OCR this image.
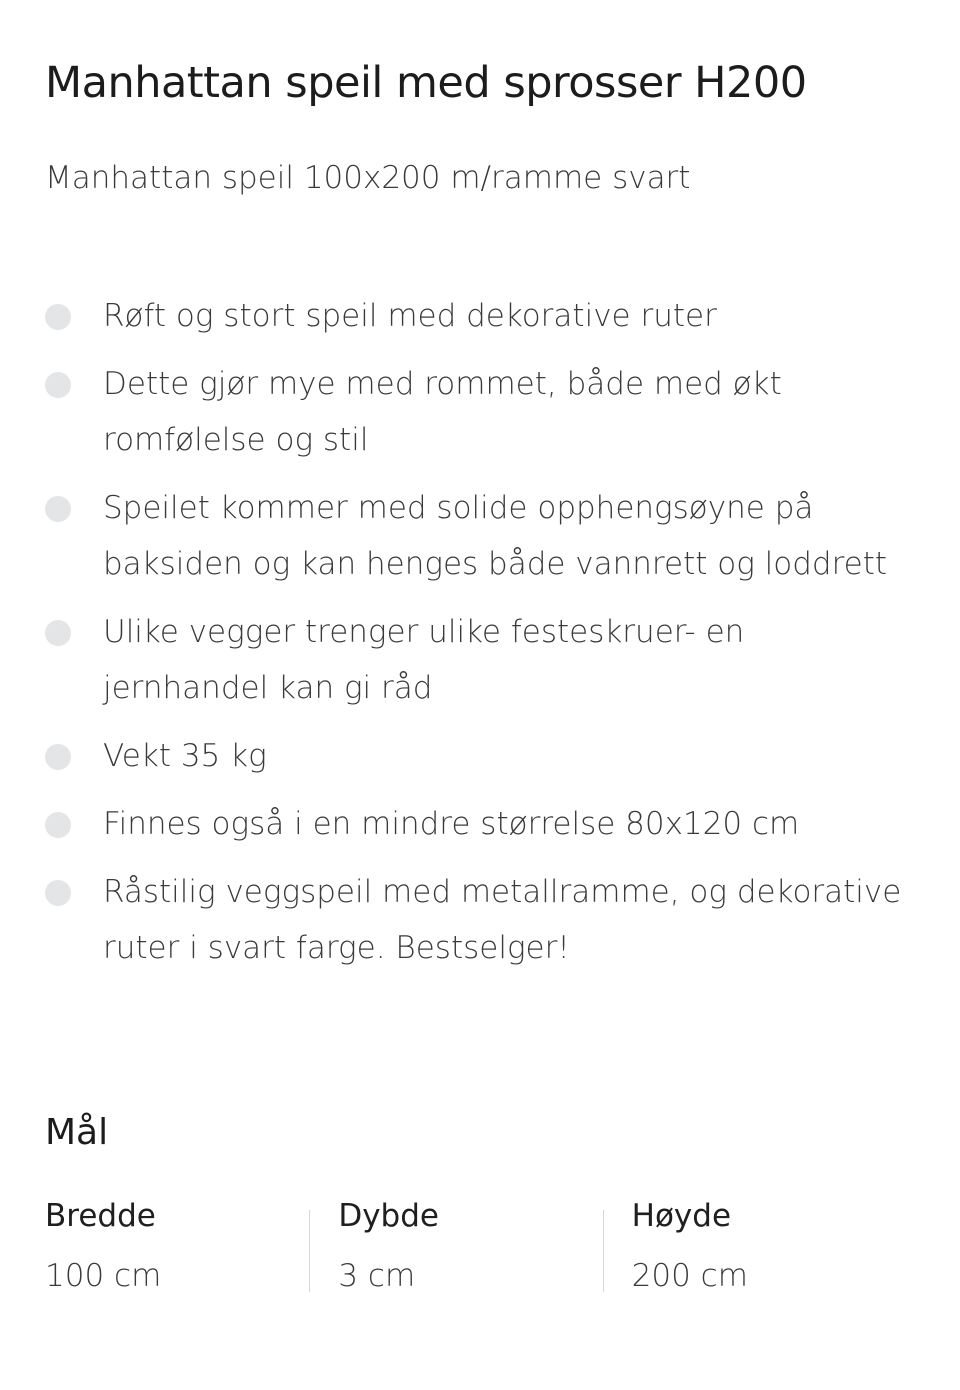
Manhattan speil med sprosser H200

Manhattan speil 100x200 m/ramme svart

Røft og stort speil med dekorative ruter
Dette gjør mye med rommet, både med økt romfølelse og stil
Speilet kommer med solide opphengsøyne på baksiden og kan henges både vannrett og loddrett
Ulike vegger trenger ulike festeskruer- en jernhandel kan gi råd
Vekt 35 kg
Finnes også i en mindre størrelse 80x120 cm
Råstilig veggspeil med metallramme, og dekorative ruter i svart farge. Bestselger!
Mål
Bredde
100 cm
Dybde
3 cm
Høyde
200 cm
